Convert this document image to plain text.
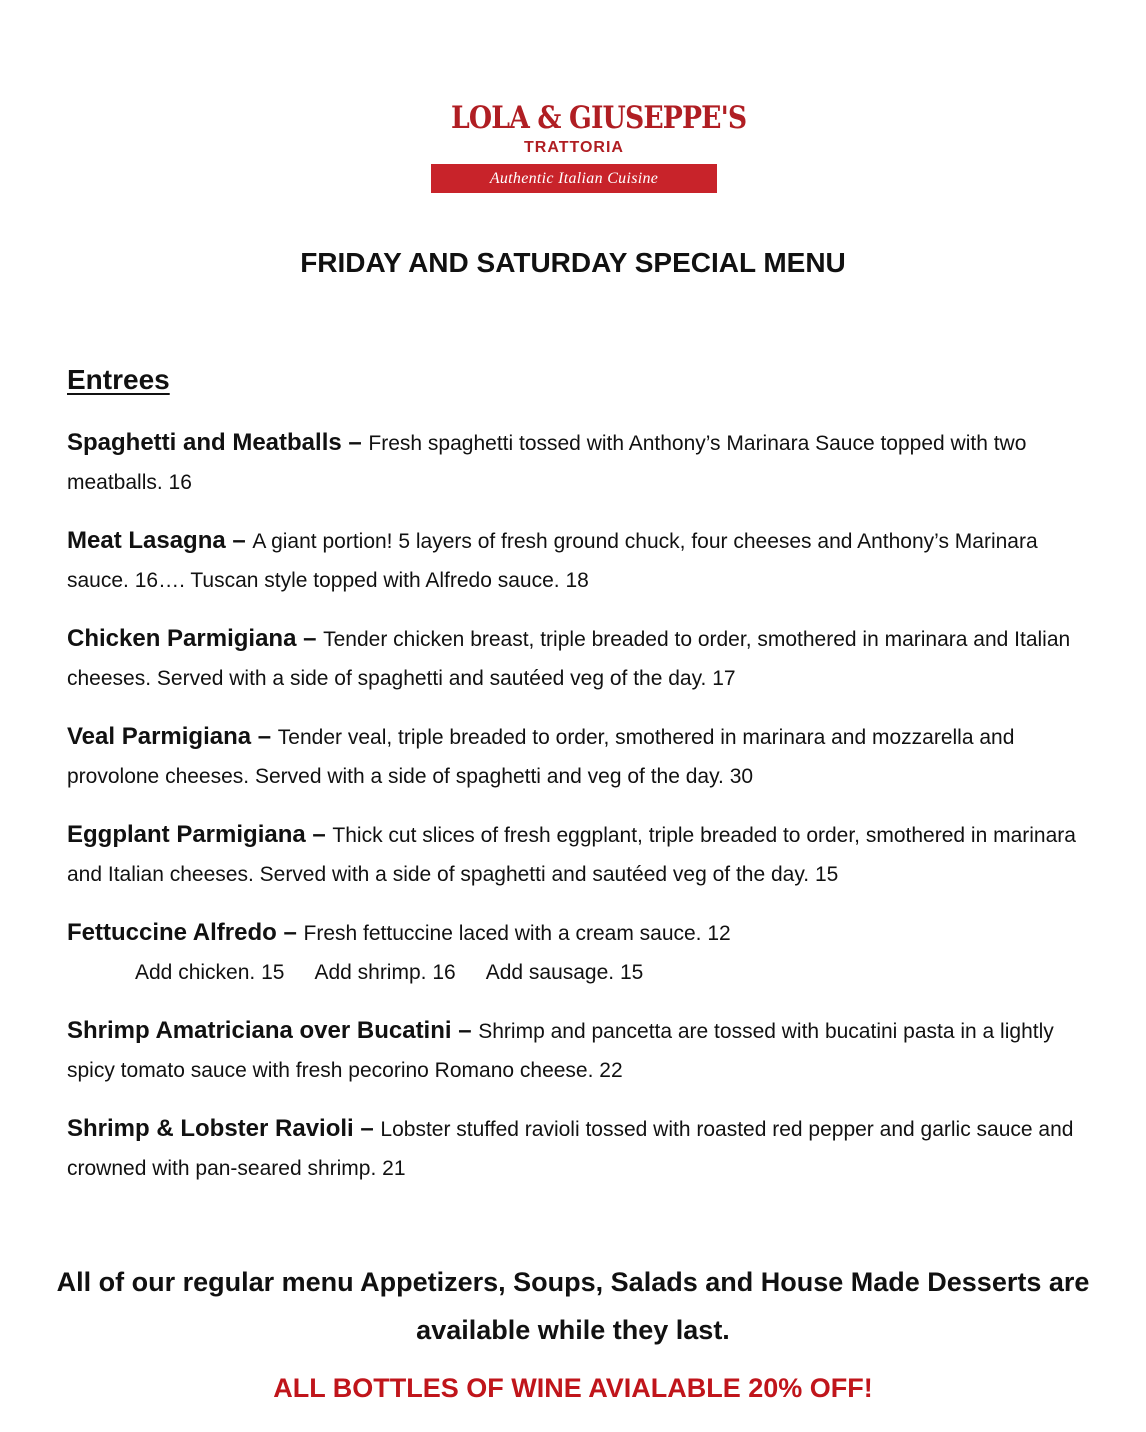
LOLA & GIUSEPPE'S
TRATTORIA
Authentic Italian Cuisine
FRIDAY AND SATURDAY SPECIAL MENU
Entrees

Spaghetti and Meatballs – Fresh spaghetti tossed with Anthony’s Marinara Sauce topped with two meatballs. 16

Meat Lasagna – A giant portion! 5 layers of fresh ground chuck, four cheeses and Anthony’s Marinara sauce. 16…. Tuscan style topped with Alfredo sauce. 18

Chicken Parmigiana – Tender chicken breast, triple breaded to order, smothered in marinara and Italian cheeses. Served with a side of spaghetti and sautéed veg of the day. 17

Veal Parmigiana – Tender veal, triple breaded to order, smothered in marinara and mozzarella and provolone cheeses. Served with a side of spaghetti and veg of the day. 30

Eggplant Parmigiana – Thick cut slices of fresh eggplant, triple breaded to order, smothered in marinara and Italian cheeses. Served with a side of spaghetti and sautéed veg of the day. 15

Fettuccine Alfredo – Fresh fettuccine laced with a cream sauce. 12
Add chicken. 15 Add shrimp. 16 Add sausage. 15

Shrimp Amatriciana over Bucatini – Shrimp and pancetta are tossed with bucatini pasta in a lightly spicy tomato sauce with fresh pecorino Romano cheese. 22

Shrimp & Lobster Ravioli – Lobster stuffed ravioli tossed with roasted red pepper and garlic sauce and crowned with pan-seared shrimp. 21

All of our regular menu Appetizers, Soups, Salads and House Made Desserts are available while they last.
ALL BOTTLES OF WINE AVIALABLE 20% OFF!
